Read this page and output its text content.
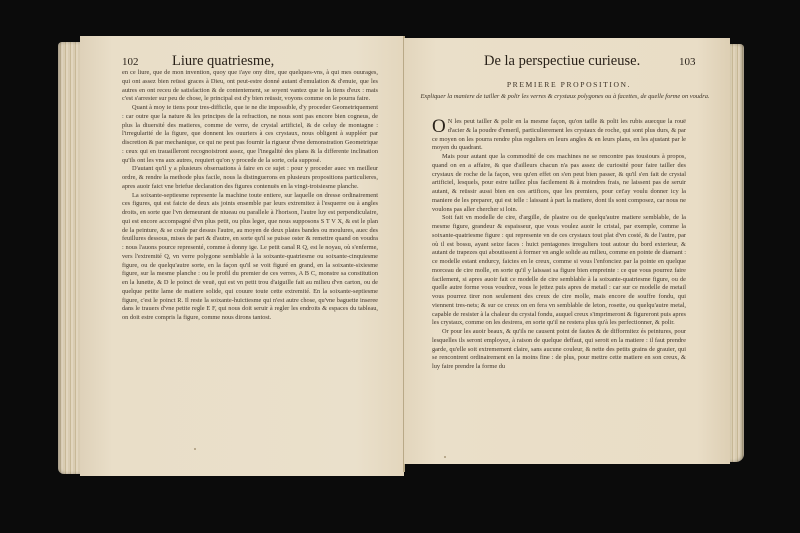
102 Liure quatriesme,

en ce liure, que de mon invention, quoy que i'aye ony dire, que quelques-vns, à qui mes ouurages, qui ont assez bien reüssi graces à Dieu, ont peut-estre donné autant d'emulation & d'enuie, que les autres en ont receu de satisfaction & de contentement, se soyent vantez que ie la tiens d'eux : mais c'est s'arrester sur peu de chose, le principal est d'y bien reüssir, voyons comme on le pourra faire.

Quant à moy ie tiens pour tres-difficile, que ie ne die impossible, d'y proceder Geometriquement : car outre que la nature & les principes de la refraction, ne nous sont pas encore bien cogneus, de plus la diuersité des matieres, comme de verre, de crystal artificiel, & de celuy de montagne : l'irregularité de la figure, que donnent les ouuriers à ces crystaux, nous obligent à suppléer par discretion & par mechanique, ce qui ne peut pas fournir la rigueur d'vne demonstration Geometrique : ceux qui en trauailleront recognoistront assez, que l'inegalité des plans & la differente inclination qu'ils ont les vns aux autres, requiert qu'on y procede de la sorte, cela supposé.

D'autant qu'il y a plusieurs obseruations à faire en ce sujet : pour y proceder auec vn meilleur ordre, & rendre la methode plus facile, nous la distinguerons en plusieurs propositions particulieres, apres auoir faict vne briefue declaration des figures contenuës en la vingt-troisiesme planche.

La soixante-septiesme represente la machine toute entiere, sur laquelle on dresse ordinairement ces figures, qui est faicte de deux ais joints ensemble par leurs extremitez à l'esquerre ou à angles droits, en sorte que l'vn demeurant de niueau ou parallele à l'horison, l'autre luy est perpendiculaire, qui est encore accompagné d'vn plus petit, ou plus leger, que nous supposons S T V X, & est le plan de la peinture, & se coule par dessus l'autre, au moyen de deux plates bandes ou moulures, auec des feuillures dessous, mises de part & d'autre, en sorte qu'il se puisse oster & remettre quand on voudra : nous l'auons pource representé, comme à donny ige. Le petit canal R Q, est le noyau, où s'enferme, vers l'extremité Q, vn verre polygone semblable à la soixante-quatriesme ou soixante-cinquiesme figure, ou de quelqu'autre sorte, en la façon qu'il se voit figuré en grand, en la soixante-sixiesme figure, sur la mesme planche : ou le profil du premier de ces verres, A B C, monstre sa constitution en la lunette, & D le poinct de veuë, qui est vn petit trou d'aiguille fait au milieu d'vn carton, ou de quelque petite lame de matiere solide, qui couure toute cette extremité. En la soixante-septiesme figure, c'est le poinct R. Il reste la soixante-huictiesme qui n'est autre chose, qu'vne baguette inseree dans le trauers d'vne petite regle E F, qui nous doit seruir à regler les endroits & espaces du tableau, on doit estre compris la figure, comme nous dirons tantost.

De la perspectiue curieuse.	103
PREMIERE PROPOSITION.
Expliquer la maniere de tailler & polir les verres & crystaux polygones ou à facettes, de quelle forme on voudra.

O N les peut tailler & polir en la mesme façon, qu'on taille & polit les rubis auecque la rouë d'acier & la poudre d'emeril, particulierement les crystaux de roche, qui sont plus durs, & par ce moyen on les pourra rendre plus reguliers en leurs angles & en leurs plans, en les ajustant par le moyen du quadrant.

Mais pour autant que la commodité de ces machines ne se rencontre pas tousiours à propos, quand on en a affaire, & que d'ailleurs chacun n'a pas assez de curiosité pour faire tailler des crystaux de roche de la façon, veu qu'en effet on s'en peut bien passer, & qu'il s'en fait de crystal artificiel, lesquels, pour estre taillez plus facilement & à moindres frais, ne laissent pas de seruir autant, & reüssir aussi bien en ces artifices, que les premiers, pour cet'ay voulu donner icy la maniere de les preparer, qui est telle : laissant à part la matiere, dont ils sont composez, car nous ne voulons pas aller chercher si loin.

Soit fait vn modelle de cire, d'argille, de plastre ou de quelqu'autre matiere semblable, de la mesme figure, grandeur & espaisseur, que vous voulez auoir le cristal, par exemple, comme la soixante-quatriesme figure : qui represente vn de ces crystaux tout plat d'vn costé, & de l'autre, par où il est bossu, ayant seize faces : huict pentagones irreguliers tout autour du bord exterieur, & autant de trapezes qui aboutissent à former vn angle solide au milieu, comme en pointe de diamant : ce modelle estant endurcy, faictes en le creux, comme si vous l'enfonciez par la pointe en quelque morceau de cire molle, en sorte qu'il y laissast sa figure bien empreinte : ce que vous pourrez faire facilement, si apres auoir fait ce modelle de cire semblable à la soixante-quatriesme figure, ou de quelle autre forme vous voudrez, vous le jettez puis apres de metail : car sur ce modelle de metail vous pourrez tirer non seulement des creux de cire molle, mais encore de souffre fondu, qui viennent tres-nets; & sur ce creux on en fera vn semblable de leton, rosette, ou quelqu'autre metal, capable de resister à la chaleur du crystal fondu, auquel creux s'imprimeront & figureront puis apres les crystaux, comme on les desirera, en sorte qu'il ne restera plus qu'à les perfectionner, & polir.

Or pour les auoir beaux, & qu'ils ne causent point de fautes & de difformitez és peintures, pour lesquelles ils seront employez, à raison de quelque deffaut, qui seroit en la matiere : il faut prendre garde, qu'elle soit extremement claire, sans aucune couleur, & nette des petits grains de grauier, qui se rencontrent ordinairement en la moins fine : de plus, pour mettre cette matiere en son creux, & luy faire prendre la forme du
